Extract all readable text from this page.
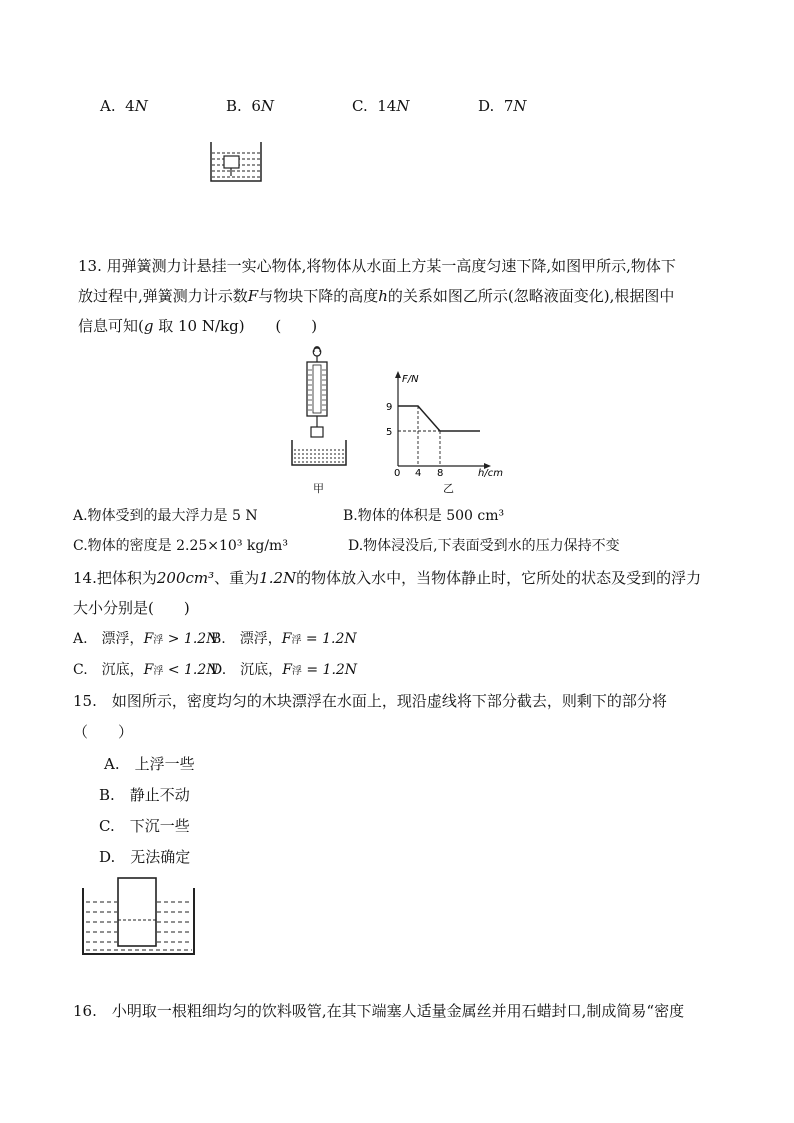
A. 4N	B. 6N	C. 14N	D. 7N
13. 用弹簧测力计悬挂一实心物体,将物体从水面上方某一高度匀速下降,如图甲所示,物体下
放过程中,弹簧测力计示数F与物块下降的高度h的关系如图乙所示(忽略液面变化),根据图中
信息可知(g 取 10 N/kg) (　　)
甲
F/N
9
5
0 4 8	h/cm
乙
A.物体受到的最大浮力是 5 N	B.物体的体积是 500 cm³
C.物体的密度是 2.25×10³ kg/m³	D.物体浸没后,下表面受到水的压力保持不变
14.把体积为200cm³、重为1.2N的物体放入水中，当物体静止时，它所处的状态及受到的浮力
大小分别是(　　)
A.　漂浮，F浮 > 1.2N
B.　漂浮，F浮 = 1.2N
C.　沉底，F浮 < 1.2N
D.　沉底，F浮 = 1.2N
15.　如图所示，密度均匀的木块漂浮在水面上，现沿虚线将下部分截去，则剩下的部分将
（　　）
A.　上浮一些
B.　静止不动
C.　下沉一些
D.　无法确定
16.　小明取一根粗细均匀的饮料吸管,在其下端塞人适量金属丝并用石蜡封口,制成简易“密度
